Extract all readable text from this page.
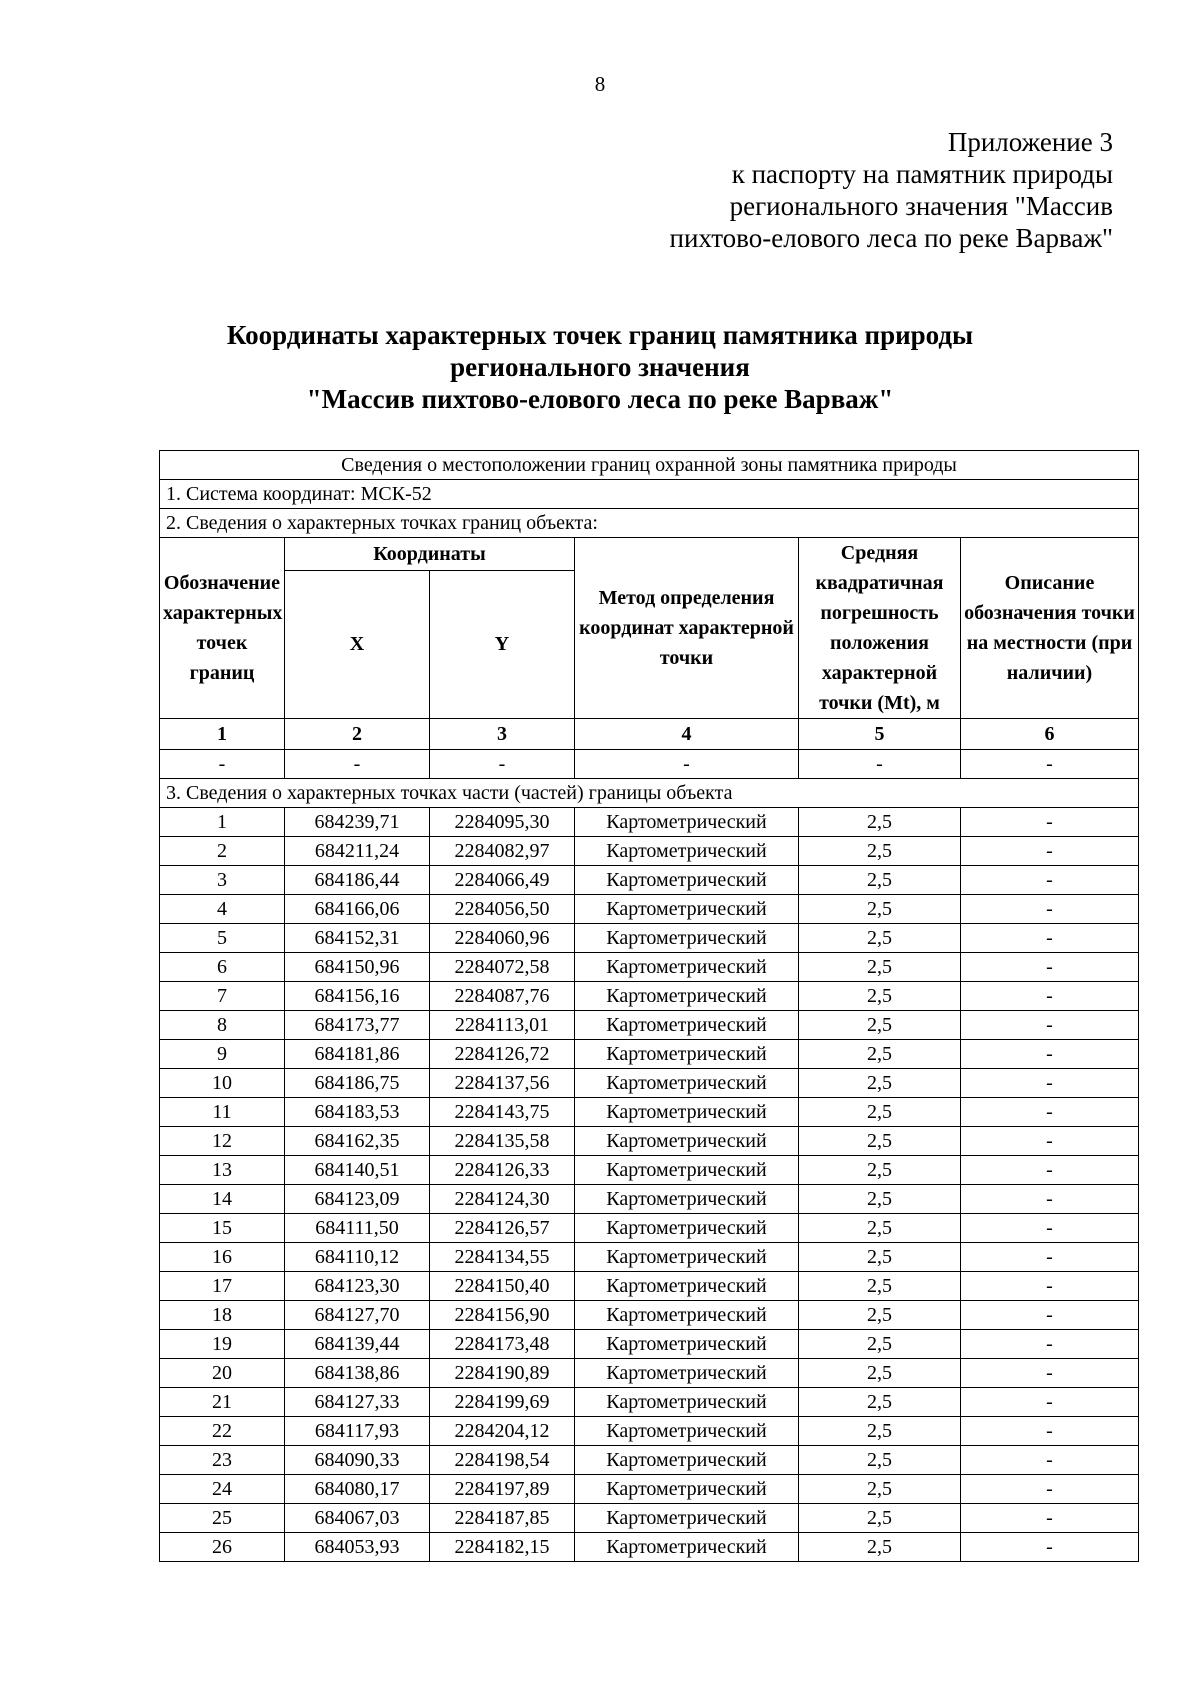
8
Приложение 3
к паспорту на памятник природы
регионального значения "Массив
пихтово-елового леса по реке Варваж"
Координаты характерных точек границ памятника природы
регионального значения
"Массив пихтово-елового леса по реке Варваж"
Сведения о местоположении границ охранной зоны памятника природы					
1. Система координат: МСК-52					
2. Сведения о характерных точках границ объекта:					
Обозначение характерных точек границ	Координаты		Метод определения координат характерной точки	Средняя квадратичная погрешность положения характерной точки (Mt), м	Описание обозначения точки на местности (при наличии)
	X	Y			
1	2	3	4	5	6
-	-	-	-	-	-
3. Сведения о характерных точках части (частей) границы объекта					
1	684239,71	2284095,30	Картометрический	2,5	-
2	684211,24	2284082,97	Картометрический	2,5	-
3	684186,44	2284066,49	Картометрический	2,5	-
4	684166,06	2284056,50	Картометрический	2,5	-
5	684152,31	2284060,96	Картометрический	2,5	-
6	684150,96	2284072,58	Картометрический	2,5	-
7	684156,16	2284087,76	Картометрический	2,5	-
8	684173,77	2284113,01	Картометрический	2,5	-
9	684181,86	2284126,72	Картометрический	2,5	-
10	684186,75	2284137,56	Картометрический	2,5	-
11	684183,53	2284143,75	Картометрический	2,5	-
12	684162,35	2284135,58	Картометрический	2,5	-
13	684140,51	2284126,33	Картометрический	2,5	-
14	684123,09	2284124,30	Картометрический	2,5	-
15	684111,50	2284126,57	Картометрический	2,5	-
16	684110,12	2284134,55	Картометрический	2,5	-
17	684123,30	2284150,40	Картометрический	2,5	-
18	684127,70	2284156,90	Картометрический	2,5	-
19	684139,44	2284173,48	Картометрический	2,5	-
20	684138,86	2284190,89	Картометрический	2,5	-
21	684127,33	2284199,69	Картометрический	2,5	-
22	684117,93	2284204,12	Картометрический	2,5	-
23	684090,33	2284198,54	Картометрический	2,5	-
24	684080,17	2284197,89	Картометрический	2,5	-
25	684067,03	2284187,85	Картометрический	2,5	-
26	684053,93	2284182,15	Картометрический	2,5	-
